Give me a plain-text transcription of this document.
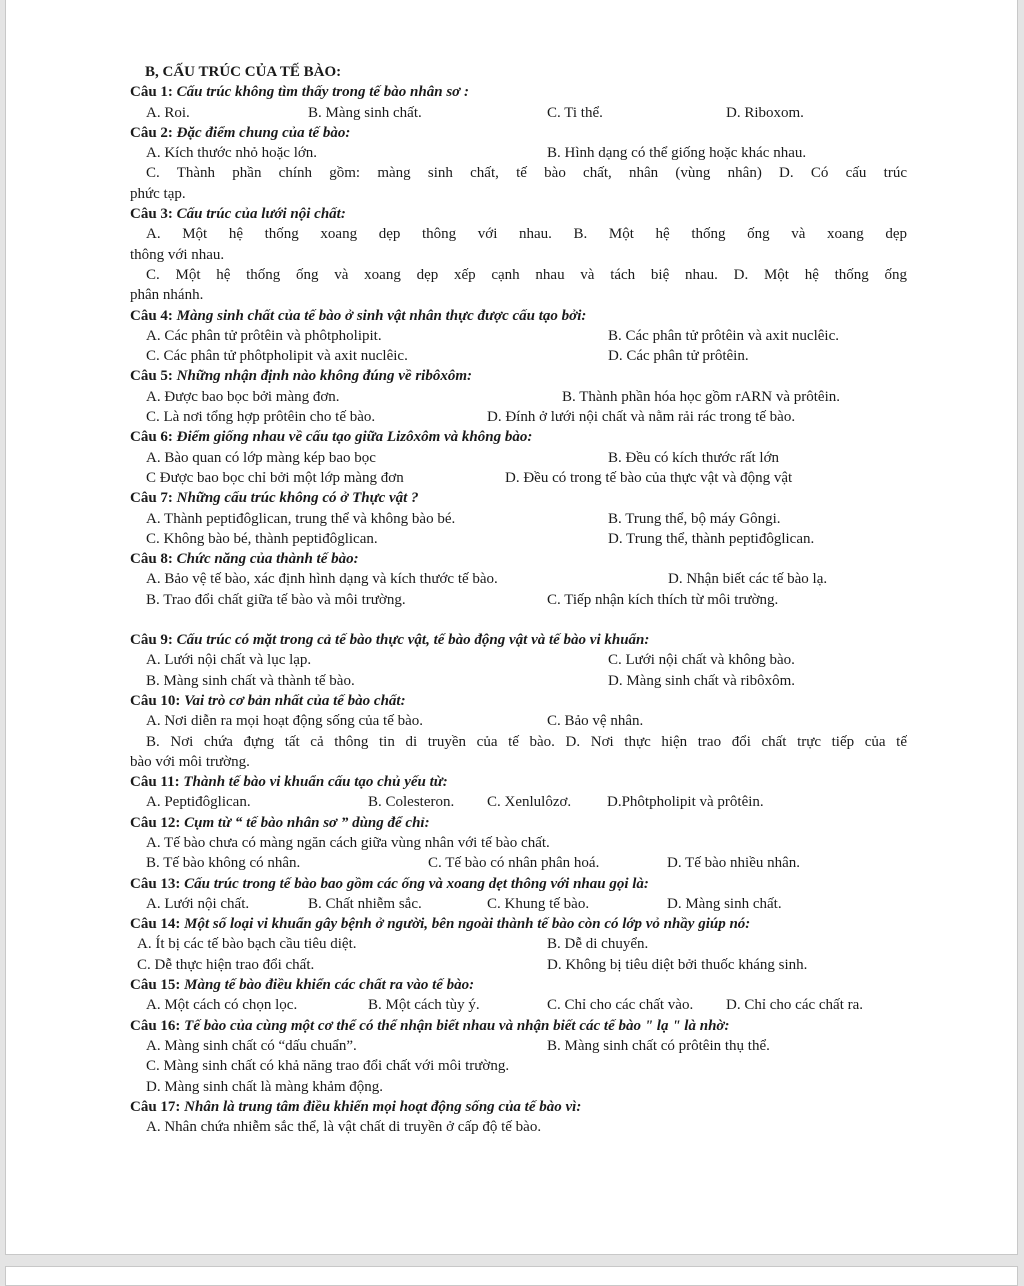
B, CẤU TRÚC CỦA TẾ BÀO:
Câu 1: Cấu trúc không tìm thấy trong tế bào nhân sơ :
A. Roi.	B. Màng sinh chất.	C. Ti thể.	D. Riboxom.
Câu 2: Đặc điểm chung của tế bào:
A. Kích thước nhỏ hoặc lớn.	B. Hình dạng có thể giống hoặc khác nhau.
C. Thành phần chính gồm: màng sinh chất, tế bào chất, nhân (vùng nhân) D. Có cấu trúc
phức tạp.
Câu 3: Cấu trúc của lưới nội chất:
A. Một hệ thống xoang dẹp thông với nhau. B. Một hệ thống ống và xoang dẹp
thông với nhau.
C. Một hệ thống ống và xoang dẹp xếp cạnh nhau và tách biệ nhau. D. Một hệ thống ống
phân nhánh.
Câu 4: Màng sinh chất của tế bào ở sinh vật nhân thực được cấu tạo bởi:
A. Các phân tử prôtêin và phôtpholipit.	B. Các phân tử prôtêin và axit nuclêic.
C. Các phân tử phôtpholipit và axit nuclêic.	D. Các phân tử prôtêin.
Câu 5: Những nhận định nào không đúng về ribôxôm:
A. Được bao bọc bởi màng đơn.	B. Thành phần hóa học gồm rARN và prôtêin.
C. Là nơi tổng hợp prôtêin cho tế bào.	D. Đính ở lưới nội chất và nằm rải rác trong tế bào.
Câu 6: Điểm giống nhau về cấu tạo giữa Lizôxôm và không bào:
A. Bào quan có lớp màng kép bao bọc	B. Đều có kích thước rất lớn
C Được bao bọc chỉ bởi một lớp màng đơn	D. Đều có trong tế bào của thực vật và động vật
Câu 7: Những cấu trúc không có ở Thực vật ?
A. Thành peptiđôglican, trung thể và không bào bé.	B. Trung thể, bộ máy Gôngi.
C. Không bào bé, thành peptiđôglican.	D. Trung thể, thành peptiđôglican.
Câu 8: Chức năng của thành tế bào:
A. Bảo vệ tế bào, xác định hình dạng và kích thước tế bào.	D. Nhận biết các tế bào lạ.
B. Trao đổi chất giữa tế bào và môi trường.	C. Tiếp nhận kích thích từ môi trường.
Câu 9: Cấu trúc có mặt trong cả tế bào thực vật, tế bào động vật và tế bào vi khuẩn:
A. Lưới nội chất và lục lạp.	C. Lưới nội chất và không bào.
B. Màng sinh chất và thành tế bào.	D. Màng sinh chất và ribôxôm.
Câu 10: Vai trò cơ bản nhất của tế bào chất:
A. Nơi diễn ra mọi hoạt động sống của tế bào.	C. Bảo vệ nhân.
B. Nơi chứa đựng tất cả thông tin di truyền của tế bào. D. Nơi thực hiện trao đổi chất trực tiếp của tế
bào với môi trường.
Câu 11: Thành tế bào vi khuẩn cấu tạo chủ yếu từ:
A. Peptiđôglican.	B. Colesteron. C. Xenlulôzơ. D.Phôtpholipit và prôtêin.
Câu 12: Cụm từ “ tế bào nhân sơ ” dùng để chỉ:
A. Tế bào chưa có màng ngăn cách giữa vùng nhân với tế bào chất.
B. Tế bào không có nhân.	C. Tế bào có nhân phân hoá.	D. Tế bào nhiều nhân.
Câu 13: Cấu trúc trong tế bào bao gồm các ống và xoang dẹt thông với nhau gọi là:
A. Lưới nội chất.	B. Chất nhiễm sắc.	C. Khung tế bào.	D. Màng sinh chất.
Câu 14: Một số loại vi khuẩn gây bệnh ở người, bên ngoài thành tế bào còn có lớp vỏ nhầy giúp nó:
A. Ít bị các tế bào bạch cầu tiêu diệt.	B. Dễ di chuyển.
C. Dễ thực hiện trao đổi chất.	D. Không bị tiêu diệt bởi thuốc kháng sinh.
Câu 15: Màng tế bào điều khiển các chất ra vào tế bào:
A. Một cách có chọn lọc.	B. Một cách tùy ý.	C. Chỉ cho các chất vào. D. Chỉ cho các chất ra.
Câu 16: Tế bào của cùng một cơ thể có thể nhận biết nhau và nhận biết các tế bào " lạ " là nhờ:
A. Màng sinh chất có “dấu chuẩn”.	B. Màng sinh chất có prôtêin thụ thể.
C. Màng sinh chất có khả năng trao đổi chất với môi trường.
D. Màng sinh chất là màng khảm động.
Câu 17: Nhân là trung tâm điều khiển mọi hoạt động sống của tế bào vì:
A. Nhân chứa nhiễm sắc thể, là vật chất di truyền ở cấp độ tế bào.
